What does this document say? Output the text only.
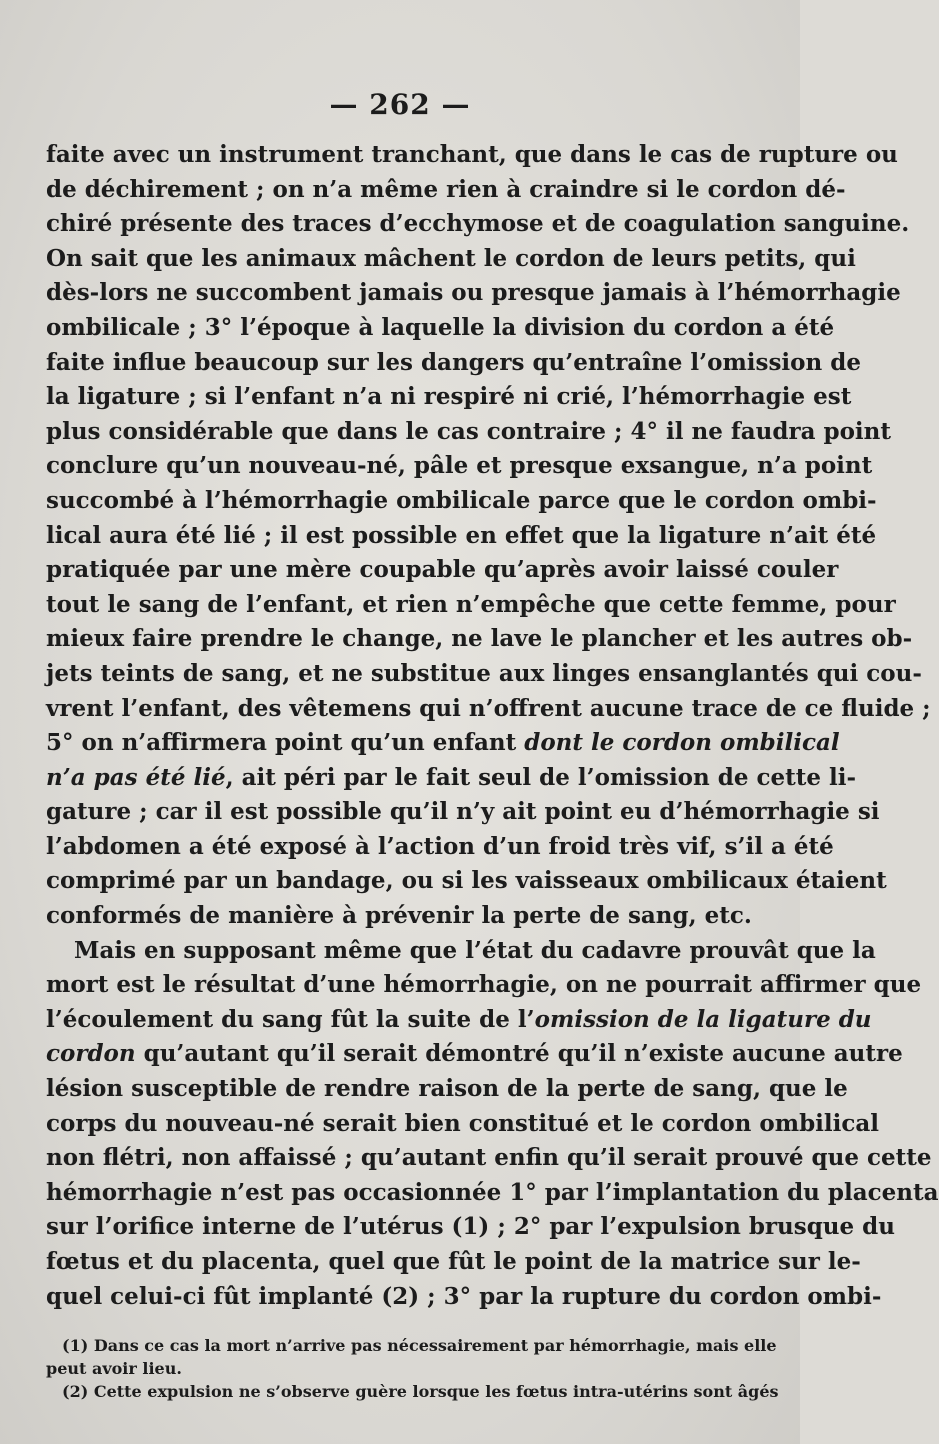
— 262 —
faite avec un instrument tranchant, que dans le cas de rupture ou
de déchirement ; on n’a même rien à craindre si le cordon dé-
chiré présente des traces d’ecchymose et de coagulation sanguine.
On sait que les animaux mâchent le cordon de leurs petits, qui
dès-lors ne succombent jamais ou presque jamais à l’hémorrhagie
ombilicale ; 3° l’époque à laquelle la division du cordon a été
faite influe beaucoup sur les dangers qu’entraîne l’omission de
la ligature ; si l’enfant n’a ni respiré ni crié, l’hémorrhagie est
plus considérable que dans le cas contraire ; 4° il ne faudra point
conclure qu’un nouveau-né, pâle et presque exsangue, n’a point
succombé à l’hémorrhagie ombilicale parce que le cordon ombi-
lical aura été lié ; il est possible en effet que la ligature n’ait été
pratiquée par une mère coupable qu’après avoir laissé couler
tout le sang de l’enfant, et rien n’empêche que cette femme, pour
mieux faire prendre le change, ne lave le plancher et les autres ob-
jets teints de sang, et ne substitue aux linges ensanglantés qui cou-
vrent l’enfant, des vêtemens qui n’offrent aucune trace de ce fluide ;
5° on n’affirmera point qu’un enfant dont le cordon ombilical
n’a pas été lié, ait péri par le fait seul de l’omission de cette li-
gature ; car il est possible qu’il n’y ait point eu d’hémorrhagie si
l’abdomen a été exposé à l’action d’un froid très vif, s’il a été
comprimé par un bandage, ou si les vaisseaux ombilicaux étaient
conformés de manière à prévenir la perte de sang, etc.
Mais en supposant même que l’état du cadavre prouvât que la
mort est le résultat d’une hémorrhagie, on ne pourrait affirmer que
l’écoulement du sang fût la suite de l’omission de la ligature du
cordon qu’autant qu’il serait démontré qu’il n’existe aucune autre
lésion susceptible de rendre raison de la perte de sang, que le
corps du nouveau-né serait bien constitué et le cordon ombilical
non flétri, non affaissé ; qu’autant enfin qu’il serait prouvé que cette
hémorrhagie n’est pas occasionnée 1° par l’implantation du placenta
sur l’orifice interne de l’utérus (1) ; 2° par l’expulsion brusque du
fœtus et du placenta, quel que fût le point de la matrice sur le-
quel celui-ci fût implanté (2) ; 3° par la rupture du cordon ombi-
(1) Dans ce cas la mort n’arrive pas nécessairement par hémorrhagie, mais elle
peut avoir lieu.
(2) Cette expulsion ne s’observe guère lorsque les fœtus intra-utérins sont âgés
